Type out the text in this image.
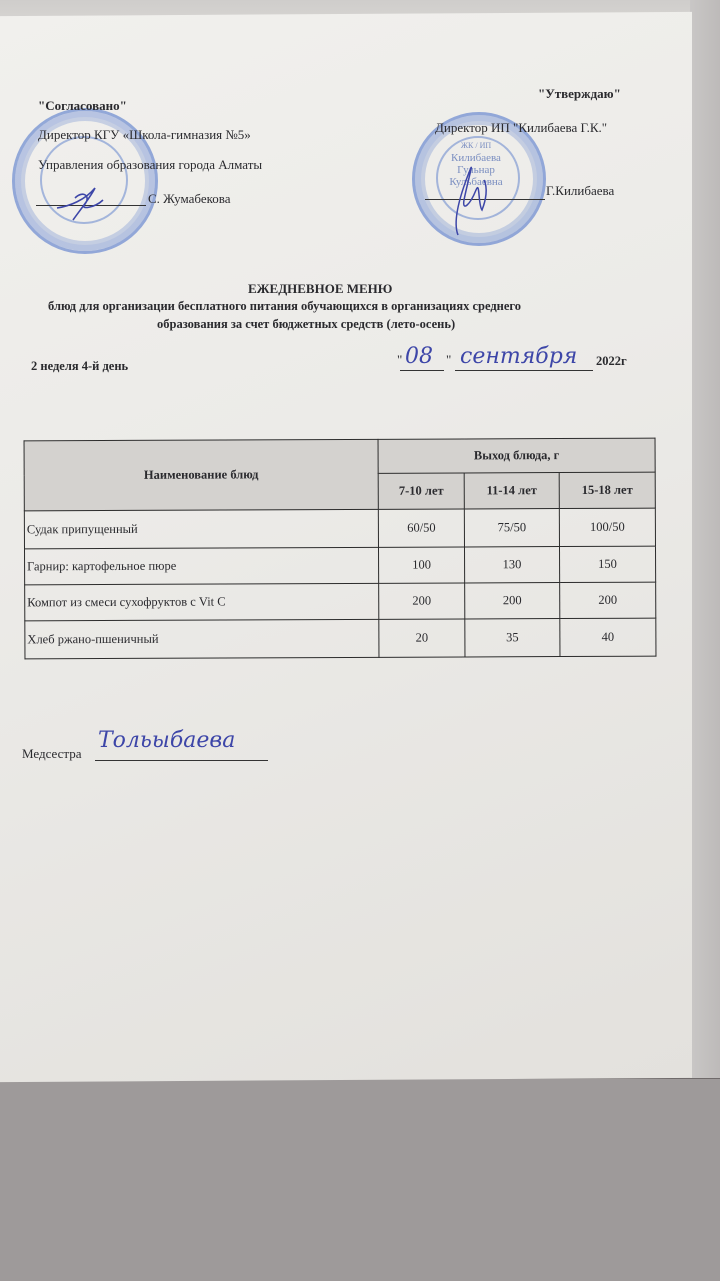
"Согласовано"
Директор КГУ «Школа-гимназия №5»
Управления образования города Алматы
С. Жумабекова
ЖК / ИП
Килибаева
Гульнар
Кульбаевна
"Утверждаю"
Директор ИП "Килибаева Г.К."
Г.Килибаева
ЕЖЕДНЕВНОЕ МЕНЮ
блюд для организации бесплатного питания обучающихся в организациях среднего
образования за счет бюджетных средств (лето-осень)
2 неделя 4-й день	" 08 " сентября 2022г
Наименование блюд	Выход блюда, г		
	7-10 лет	11-14 лет	15-18 лет
Судак припущенный	60/50	75/50	100/50
Гарнир: картофельное пюре	100	130	150
Компот из смеси сухофруктов с Vit C	200	200	200
Хлеб ржано-пшеничный	20	35	40
Медсестра
Тольыбаева
